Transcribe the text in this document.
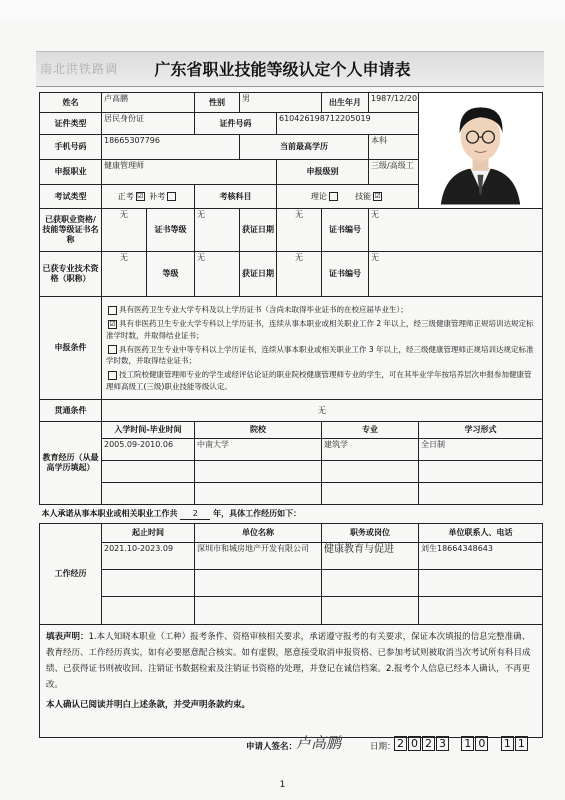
南北洪铁路调	广东省职业技能等级认定个人申请表
姓名	卢高鹏		性别	男		出生年月	1987/12/20	
证件类型	居民身份证		证件号码		610426198712205019			
手机号码	18665307796			当前最高学历			本科	
申报职业	健康管理师				申报级别		三级/高级工	
考试类型	正考 ☑ 补考		考核科目		理论 技能 ☑			
已获职业资格/技能等级证书名称	无	证书等级	无	获证日期	无	证书编号	无	
已获专业技术资格（职称）	无	等级	无	获证日期	无	证书编号	无	
申报条件	具有医药卫生专业大学专科及以上学历证书（含尚未取得毕业证书的在校应届毕业生）；

☑ 具有非医药卫生专业大学专科以上学历证书，连续从事本职业或相关职业工作 2 年以上，经三级健康管理师正规培训达规定标准学时数，并取得结业证书；

具有医药卫生专业中等专科以上学历证书，连续从事本职业或相关职业工作 3 年以上，经三级健康管理师正规培训达规定标准学时数，并取得结业证书；

技工院校健康管理师专业的学生或经评估论证的职业院校健康管理师专业的学生，可在其毕业学年按培养层次申报参加健康管理师高级工(三级)职业技能等级认定。							

贯通条件	无							
教育经历（从最高学历填起）	入学时间-毕业时间		院校			专业		学习形式
	2005.09-2010.06		中南大学			建筑学		全日制

本人承诺从事本职业或相关职业工作共 2 年，具体工作经历如下：								
工作经历	起止时间		单位名称			职务或岗位		单位联系人、电话
	2021.10-2023.09		深圳市和城房地产开发有限公司			健康教育与促进		刘生18664348643

填表声明：1.本人知晓本职业（工种）报考条件、资格审核相关要求，承诺遵守报考的有关要求，保证本次填报的信息完整准确、教育经历、工作经历真实，如有必要愿意配合核实。如有虚假，愿意接受取消申报资格、已参加考试则被取消当次考试所有科目成绩、已获得证书则被收回、注销证书数据检索及注销证书资格的处理，并登记在诚信档案。2.报考个人信息已经本人确认，不再更改。

本人确认已阅读并明白上述条款，并受声明条款约束。								

申请人签名：
卢高鹏	日期： 2 0 2 3 1 0 1 1
1
